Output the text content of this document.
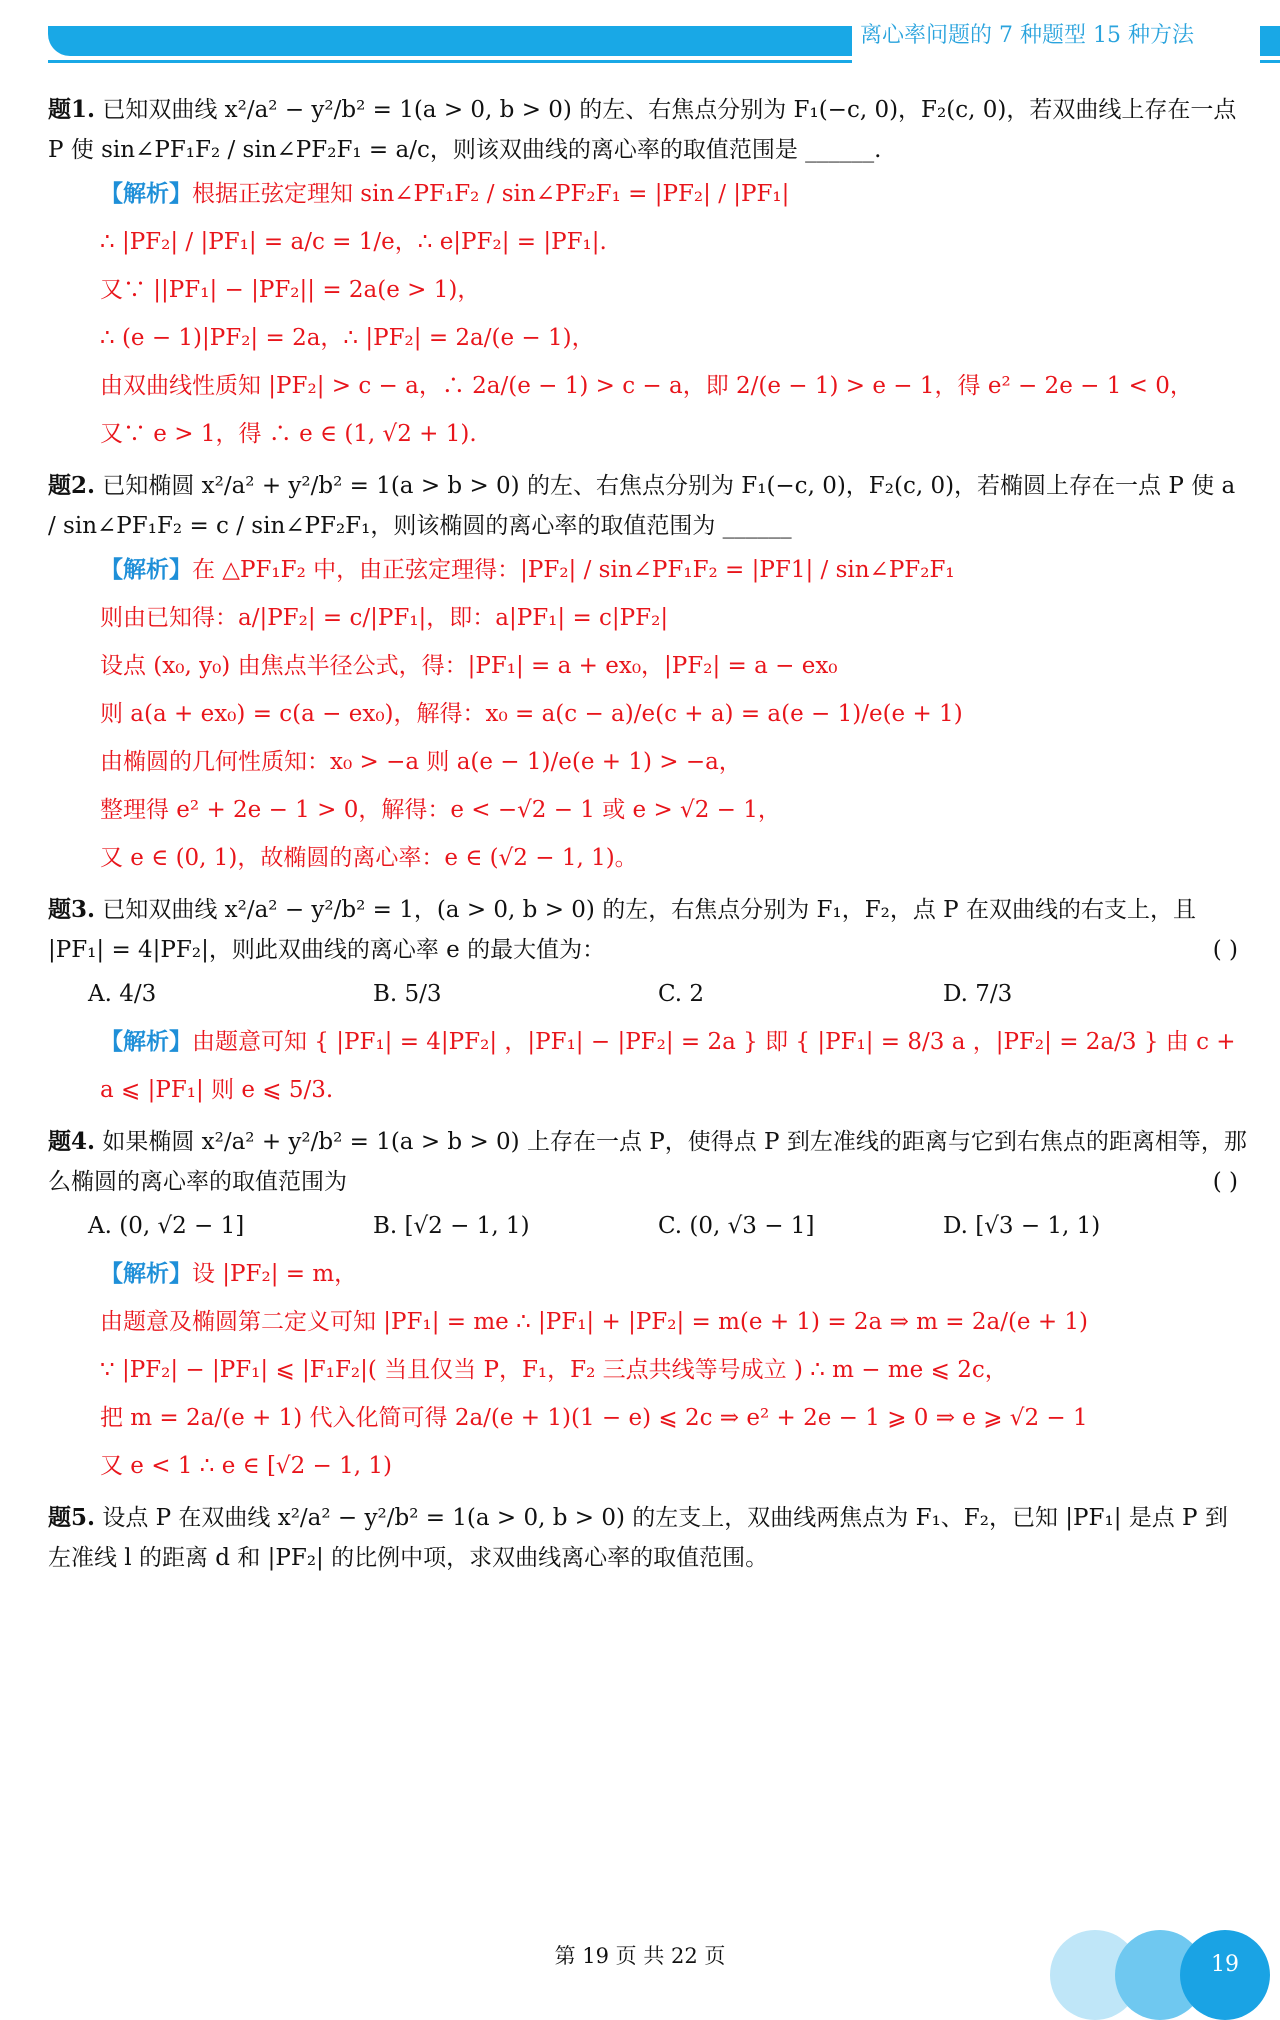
离心率问题的 7 种题型 15 种方法

题1. 已知双曲线 x²/a² − y²/b² = 1(a > 0, b > 0) 的左、右焦点分别为 F₁(−c, 0)，F₂(c, 0)，若双曲线上存在一点 P 使 sin∠PF₁F₂ / sin∠PF₂F₁ = a/c，则该双曲线的离心率的取值范围是 ______.

【解析】根据正弦定理知 sin∠PF₁F₂ / sin∠PF₂F₁ = |PF₂| / |PF₁|
∴ |PF₂| / |PF₁| = a/c = 1/e，∴ e|PF₂| = |PF₁|.
又∵ ||PF₁| − |PF₂|| = 2a(e > 1)，
∴ (e − 1)|PF₂| = 2a，∴ |PF₂| = 2a/(e − 1)，
由双曲线性质知 |PF₂| > c − a，∴ 2a/(e − 1) > c − a，即 2/(e − 1) > e − 1，得 e² − 2e − 1 < 0，
又∵ e > 1，得 ∴ e ∈ (1, √2 + 1).

题2. 已知椭圆 x²/a² + y²/b² = 1(a > b > 0) 的左、右焦点分别为 F₁(−c, 0)，F₂(c, 0)，若椭圆上存在一点 P 使 a / sin∠PF₁F₂ = c / sin∠PF₂F₁，则该椭圆的离心率的取值范围为 ______

【解析】在 △PF₁F₂ 中，由正弦定理得：|PF₂| / sin∠PF₁F₂ = |PF1| / sin∠PF₂F₁
则由已知得：a/|PF₂| = c/|PF₁|，即：a|PF₁| = c|PF₂|
设点 (x₀, y₀) 由焦点半径公式，得：|PF₁| = a + ex₀，|PF₂| = a − ex₀
则 a(a + ex₀) = c(a − ex₀)，解得：x₀ = a(c − a)/e(c + a) = a(e − 1)/e(e + 1)
由椭圆的几何性质知：x₀ > −a 则 a(e − 1)/e(e + 1) > −a，
整理得 e² + 2e − 1 > 0，解得：e < −√2 − 1 或 e > √2 − 1，
又 e ∈ (0, 1)，故椭圆的离心率：e ∈ (√2 − 1, 1)。

题3. 已知双曲线 x²/a² − y²/b² = 1，(a > 0, b > 0) 的左，右焦点分别为 F₁，F₂，点 P 在双曲线的右支上，且 |PF₁| = 4|PF₂|，则此双曲线的离心率 e 的最大值为：	( )

A. 4/3	B. 5/3	C. 2	D. 7/3
【解析】由题意可知 { |PF₁| = 4|PF₂| ，|PF₁| − |PF₂| = 2a } 即 { |PF₁| = 8/3 a ，|PF₂| = 2a/3 } 由 c + a ⩽ |PF₁| 则 e ⩽ 5/3.

题4. 如果椭圆 x²/a² + y²/b² = 1(a > b > 0) 上存在一点 P，使得点 P 到左准线的距离与它到右焦点的距离相等，那么椭圆的离心率的取值范围为	( )

A. (0, √2 − 1]	B. [√2 − 1, 1)	C. (0, √3 − 1]	D. [√3 − 1, 1)
【解析】设 |PF₂| = m，
由题意及椭圆第二定义可知 |PF₁| = me ∴ |PF₁| + |PF₂| = m(e + 1) = 2a ⇒ m = 2a/(e + 1)
∵ |PF₂| − |PF₁| ⩽ |F₁F₂|( 当且仅当 P，F₁，F₂ 三点共线等号成立 ) ∴ m − me ⩽ 2c，
把 m = 2a/(e + 1) 代入化简可得 2a/(e + 1)(1 − e) ⩽ 2c ⇒ e² + 2e − 1 ⩾ 0 ⇒ e ⩾ √2 − 1
又 e < 1 ∴ e ∈ [√2 − 1, 1)

题5. 设点 P 在双曲线 x²/a² − y²/b² = 1(a > 0, b > 0) 的左支上，双曲线两焦点为 F₁、F₂，已知 |PF₁| 是点 P 到左准线 l 的距离 d 和 |PF₂| 的比例中项，求双曲线离心率的取值范围。

第 19 页 共 22 页	19
